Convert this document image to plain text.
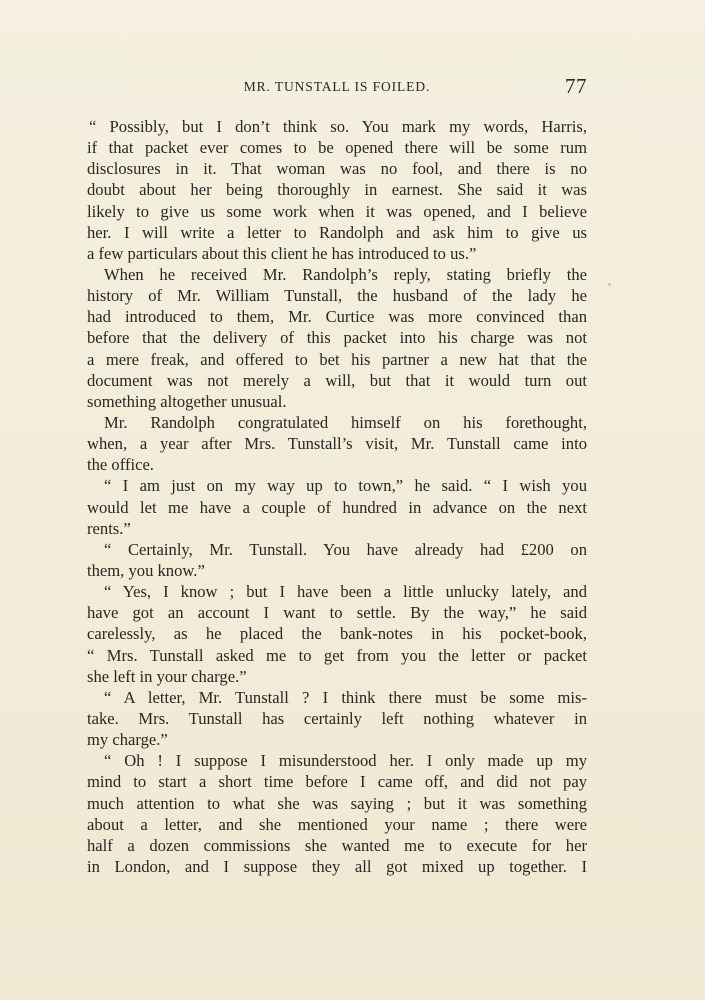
MR. TUNSTALL IS FOILED.	77
“ Possibly, but I don’t think so. You mark my words, Harris,
if that packet ever comes to be opened there will be some rum
disclosures in it. That woman was no fool, and there is no
doubt about her being thoroughly in earnest. She said it was
likely to give us some work when it was opened, and I believe
her. I will write a letter to Randolph and ask him to give us
a few particulars about this client he has introduced to us.”
When he received Mr. Randolph’s reply, stating briefly the
history of Mr. William Tunstall, the husband of the lady he
had introduced to them, Mr. Curtice was more convinced than
before that the delivery of this packet into his charge was not
a mere freak, and offered to bet his partner a new hat that the
document was not merely a will, but that it would turn out
something altogether unusual.
Mr. Randolph congratulated himself on his forethought,
when, a year after Mrs. Tunstall’s visit, Mr. Tunstall came into
the office.
“ I am just on my way up to town,” he said. “ I wish you
would let me have a couple of hundred in advance on the next
rents.”
“ Certainly, Mr. Tunstall. You have already had £200 on
them, you know.”
“ Yes, I know ; but I have been a little unlucky lately, and
have got an account I want to settle. By the way,” he said
carelessly, as he placed the bank-notes in his pocket-book,
“ Mrs. Tunstall asked me to get from you the letter or packet
she left in your charge.”
“ A letter, Mr. Tunstall ? I think there must be some mis-
take. Mrs. Tunstall has certainly left nothing whatever in
my charge.”
“ Oh ! I suppose I misunderstood her. I only made up my
mind to start a short time before I came off, and did not pay
much attention to what she was saying ; but it was something
about a letter, and she mentioned your name ; there were
half a dozen commissions she wanted me to execute for her
in London, and I suppose they all got mixed up together. I
